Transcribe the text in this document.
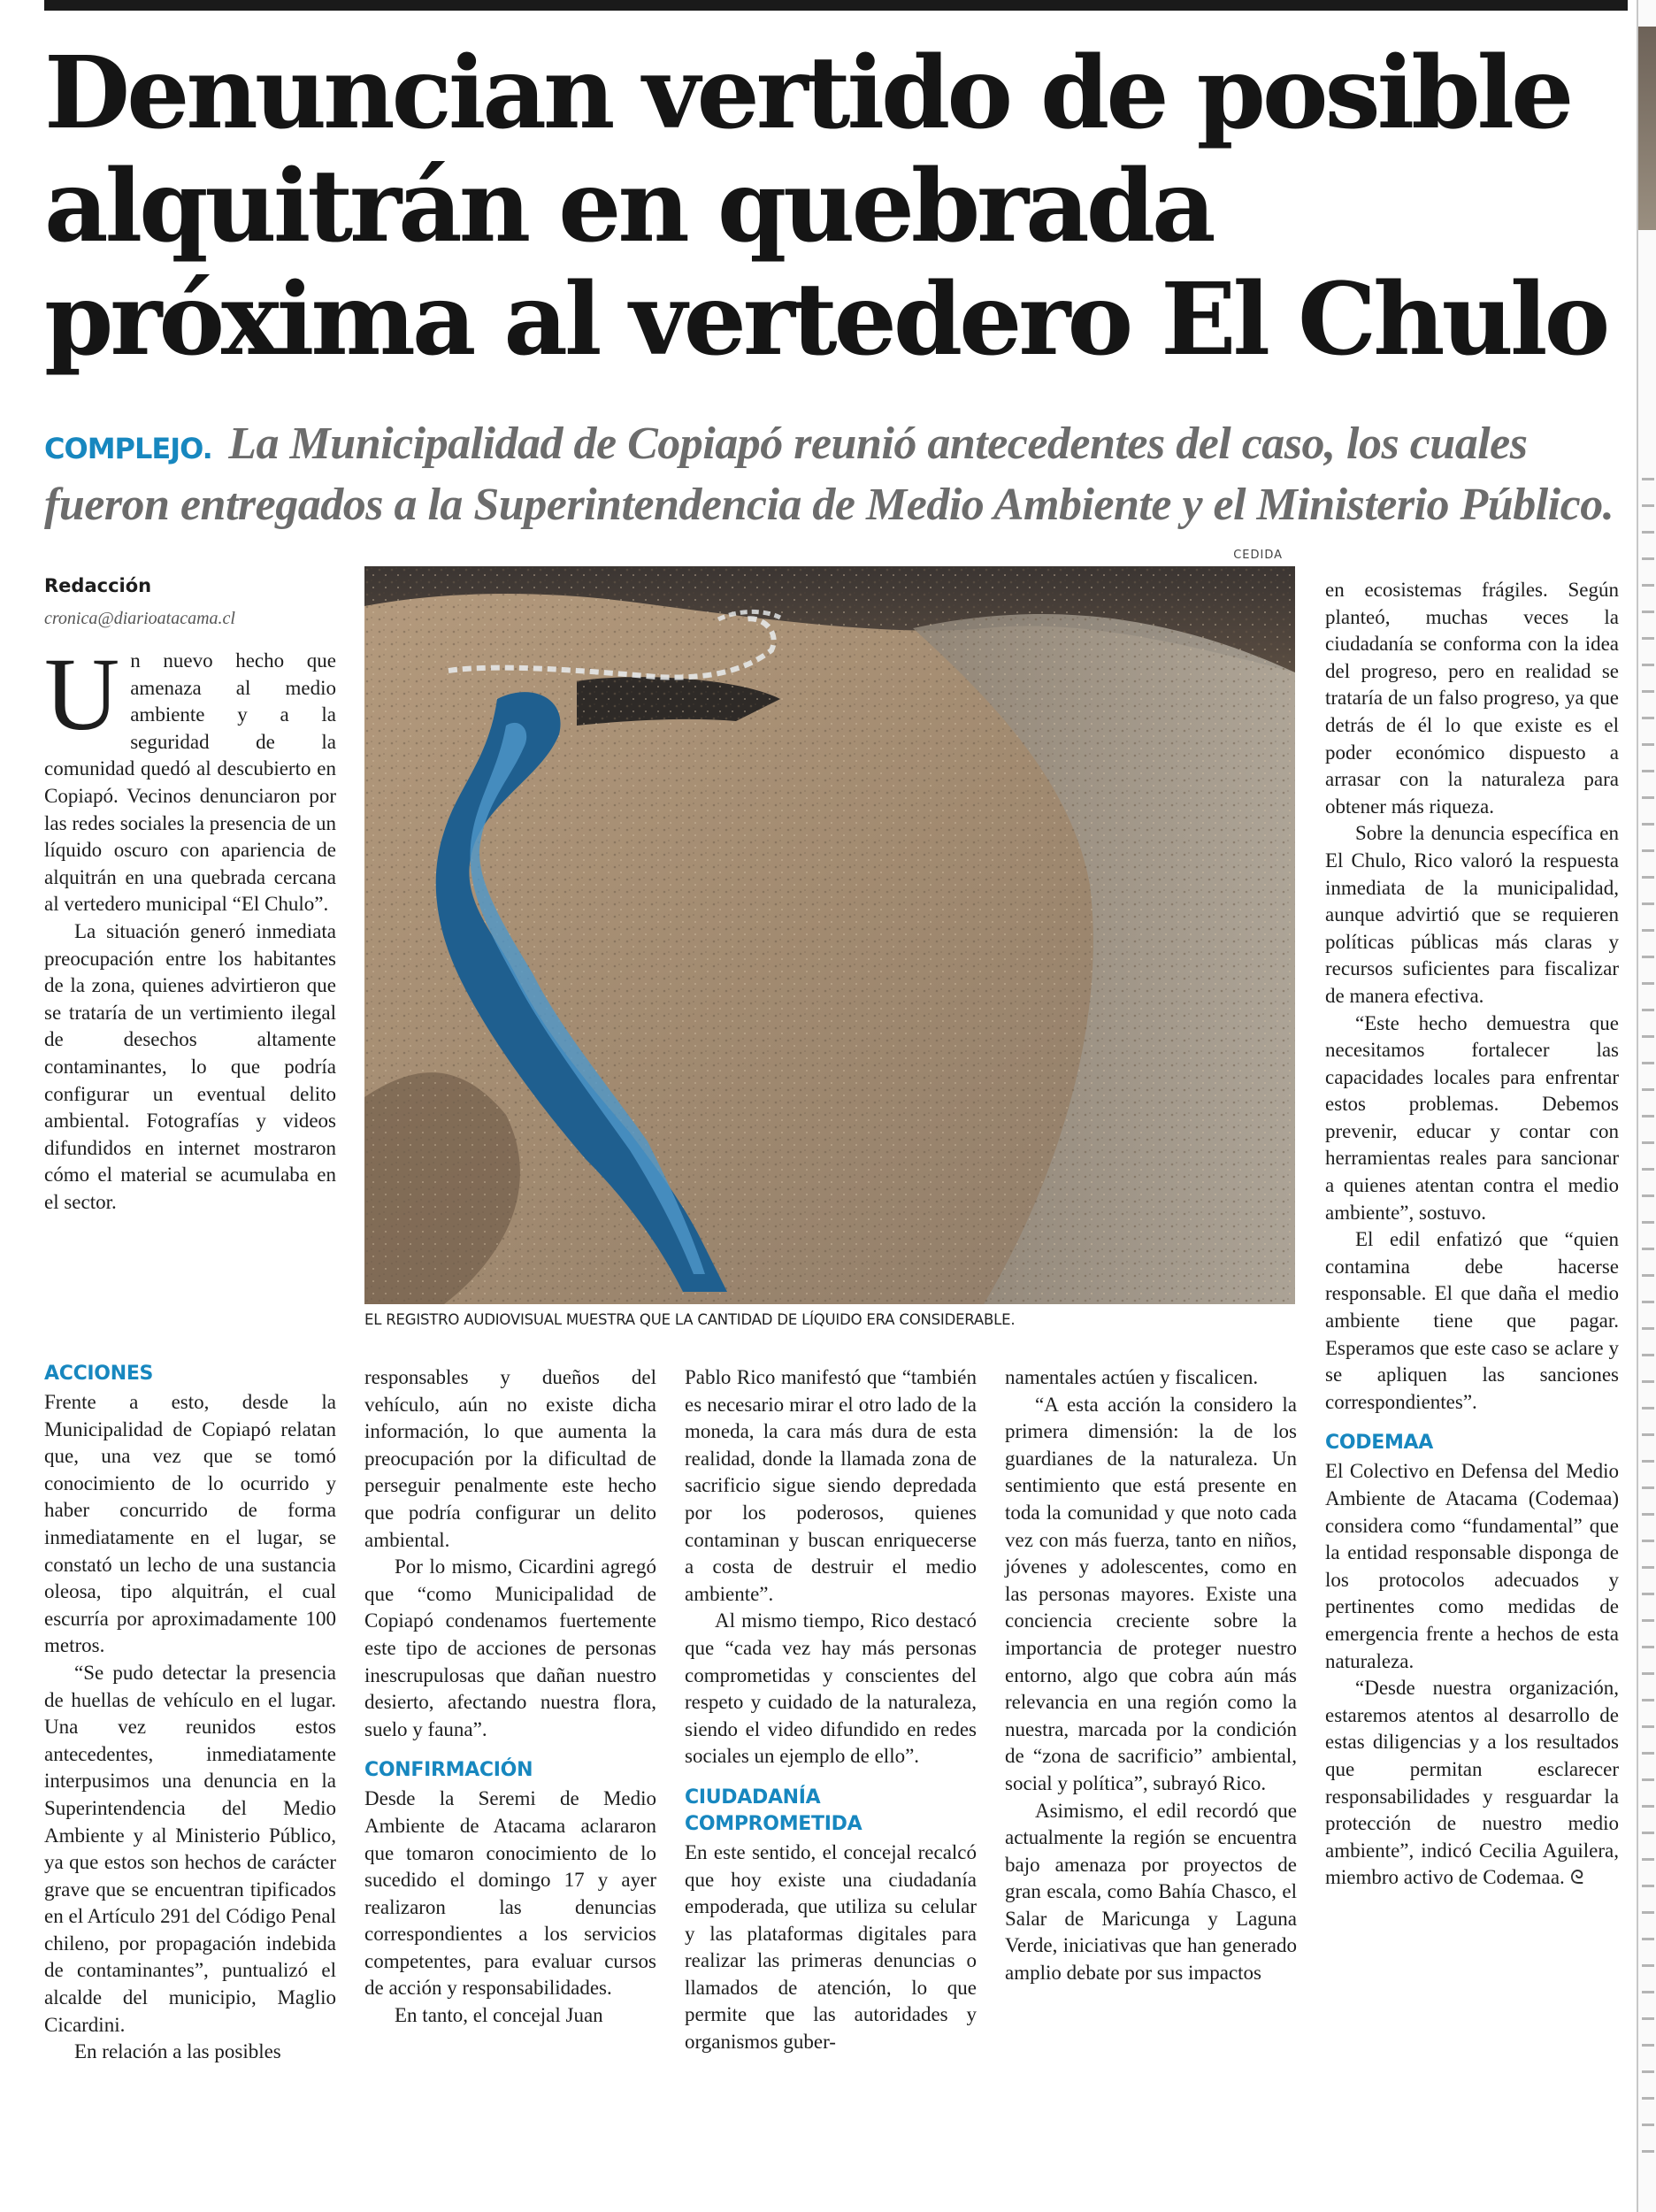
Denuncian vertido de posible alquitrán en quebrada próxima al vertedero El Chulo
COMPLEJO. La Municipalidad de Copiapó reunió antecedentes del caso, los cuales fueron entregados a la Superintendencia de Medio Ambiente y el Ministerio Público.
Redacción
cronica@diarioatacama.cl

Un nuevo hecho que amenaza al medio ambiente y a la seguridad de la comunidad quedó al descubierto en Copiapó. Vecinos denunciaron por las redes sociales la presencia de un líquido oscuro con apariencia de alquitrán en una quebrada cercana al vertedero municipal “El Chulo”.

La situación generó inmediata preocupación entre los habitantes de la zona, quienes advirtieron que se trataría de un vertimiento ilegal de desechos altamente contaminantes, lo que podría configurar un eventual delito ambiental. Fotografías y videos difundidos en internet mostraron cómo el material se acumulaba en el sector.

CEDIDA
EL REGISTRO AUDIOVISUAL MUESTRA QUE LA CANTIDAD DE LÍQUIDO ERA CONSIDERABLE.
ACCIONES

Frente a esto, desde la Municipalidad de Copiapó relatan que, una vez que se tomó conocimiento de lo ocurrido y haber concurrido de forma inmediatamente en el lugar, se constató un lecho de una sustancia oleosa, tipo alquitrán, el cual escurría por aproximadamente 100 metros.

“Se pudo detectar la presencia de huellas de vehículo en el lugar. Una vez reunidos estos antecedentes, inmediatamente interpusimos una denuncia en la Superintendencia del Medio Ambiente y al Ministerio Público, ya que estos son hechos de carácter grave que se encuentran tipificados en el Artículo 291 del Código Penal chileno, por propagación indebida de contaminantes”, puntualizó el alcalde del municipio, Maglio Cicardini.

En relación a las posibles

responsables y dueños del vehículo, aún no existe dicha información, lo que aumenta la preocupación por la dificultad de perseguir penalmente este hecho que podría configurar un delito ambiental.

Por lo mismo, Cicardini agregó que “como Municipalidad de Copiapó condenamos fuertemente este tipo de acciones de personas inescrupulosas que dañan nuestro desierto, afectando nuestra flora, suelo y fauna”.

CONFIRMACIÓN

Desde la Seremi de Medio Ambiente de Atacama aclararon que tomaron conocimiento de lo sucedido el domingo 17 y ayer realizaron las denuncias correspondientes a los servicios competentes, para evaluar cursos de acción y responsabilidades.

En tanto, el concejal Juan

Pablo Rico manifestó que “también es necesario mirar el otro lado de la moneda, la cara más dura de esta realidad, donde la llamada zona de sacrificio sigue siendo depredada por los poderosos, quienes contaminan y buscan enriquecerse a costa de destruir el medio ambiente”.

Al mismo tiempo, Rico destacó que “cada vez hay más personas comprometidas y conscientes del respeto y cuidado de la naturaleza, siendo el video difundido en redes sociales un ejemplo de ello”.

CIUDADANÍA COMPROMETIDA

En este sentido, el concejal recalcó que hoy existe una ciudadanía empoderada, que utiliza su celular y las plataformas digitales para realizar las primeras denuncias o llamados de atención, lo que permite que las autoridades y organismos guber-

namentales actúen y fiscalicen.

“A esta acción la considero la primera dimensión: la de los guardianes de la naturaleza. Un sentimiento que está presente en toda la comunidad y que noto cada vez con más fuerza, tanto en niños, jóvenes y adolescentes, como en las personas mayores. Existe una conciencia creciente sobre la importancia de proteger nuestro entorno, algo que cobra aún más relevancia en una región como la nuestra, marcada por la condición de “zona de sacrificio” ambiental, social y política”, subrayó Rico.

Asimismo, el edil recordó que actualmente la región se encuentra bajo amenaza por proyectos de gran escala, como Bahía Chasco, el Salar de Maricunga y Laguna Verde, iniciativas que han generado amplio debate por sus impactos

en ecosistemas frágiles. Según planteó, muchas veces la ciudadanía se conforma con la idea del progreso, pero en realidad se trataría de un falso progreso, ya que detrás de él lo que existe es el poder económico dispuesto a arrasar con la naturaleza para obtener más riqueza.

Sobre la denuncia específica en El Chulo, Rico valoró la respuesta inmediata de la municipalidad, aunque advirtió que se requieren políticas públicas más claras y recursos suficientes para fiscalizar de manera efectiva.

“Este hecho demuestra que necesitamos fortalecer las capacidades locales para enfrentar estos problemas. Debemos prevenir, educar y contar con herramientas reales para sancionar a quienes atentan contra el medio ambiente”, sostuvo.

El edil enfatizó que “quien contamina debe hacerse responsable. El que daña el medio ambiente tiene que pagar. Esperamos que este caso se aclare y se apliquen las sanciones correspondientes”.

CODEMAA

El Colectivo en Defensa del Medio Ambiente de Atacama (Codemaa) considera como “fundamental” que la entidad responsable disponga de los protocolos adecuados y pertinentes como medidas de emergencia frente a hechos de esta naturaleza.

“Desde nuestra organización, estaremos atentos al desarrollo de estas diligencias y a los resultados que permitan esclarecer responsabilidades y resguardar la protección de nuestro medio ambiente”, indicó Cecilia Aguilera, miembro activo de Codemaa. ᘓ
